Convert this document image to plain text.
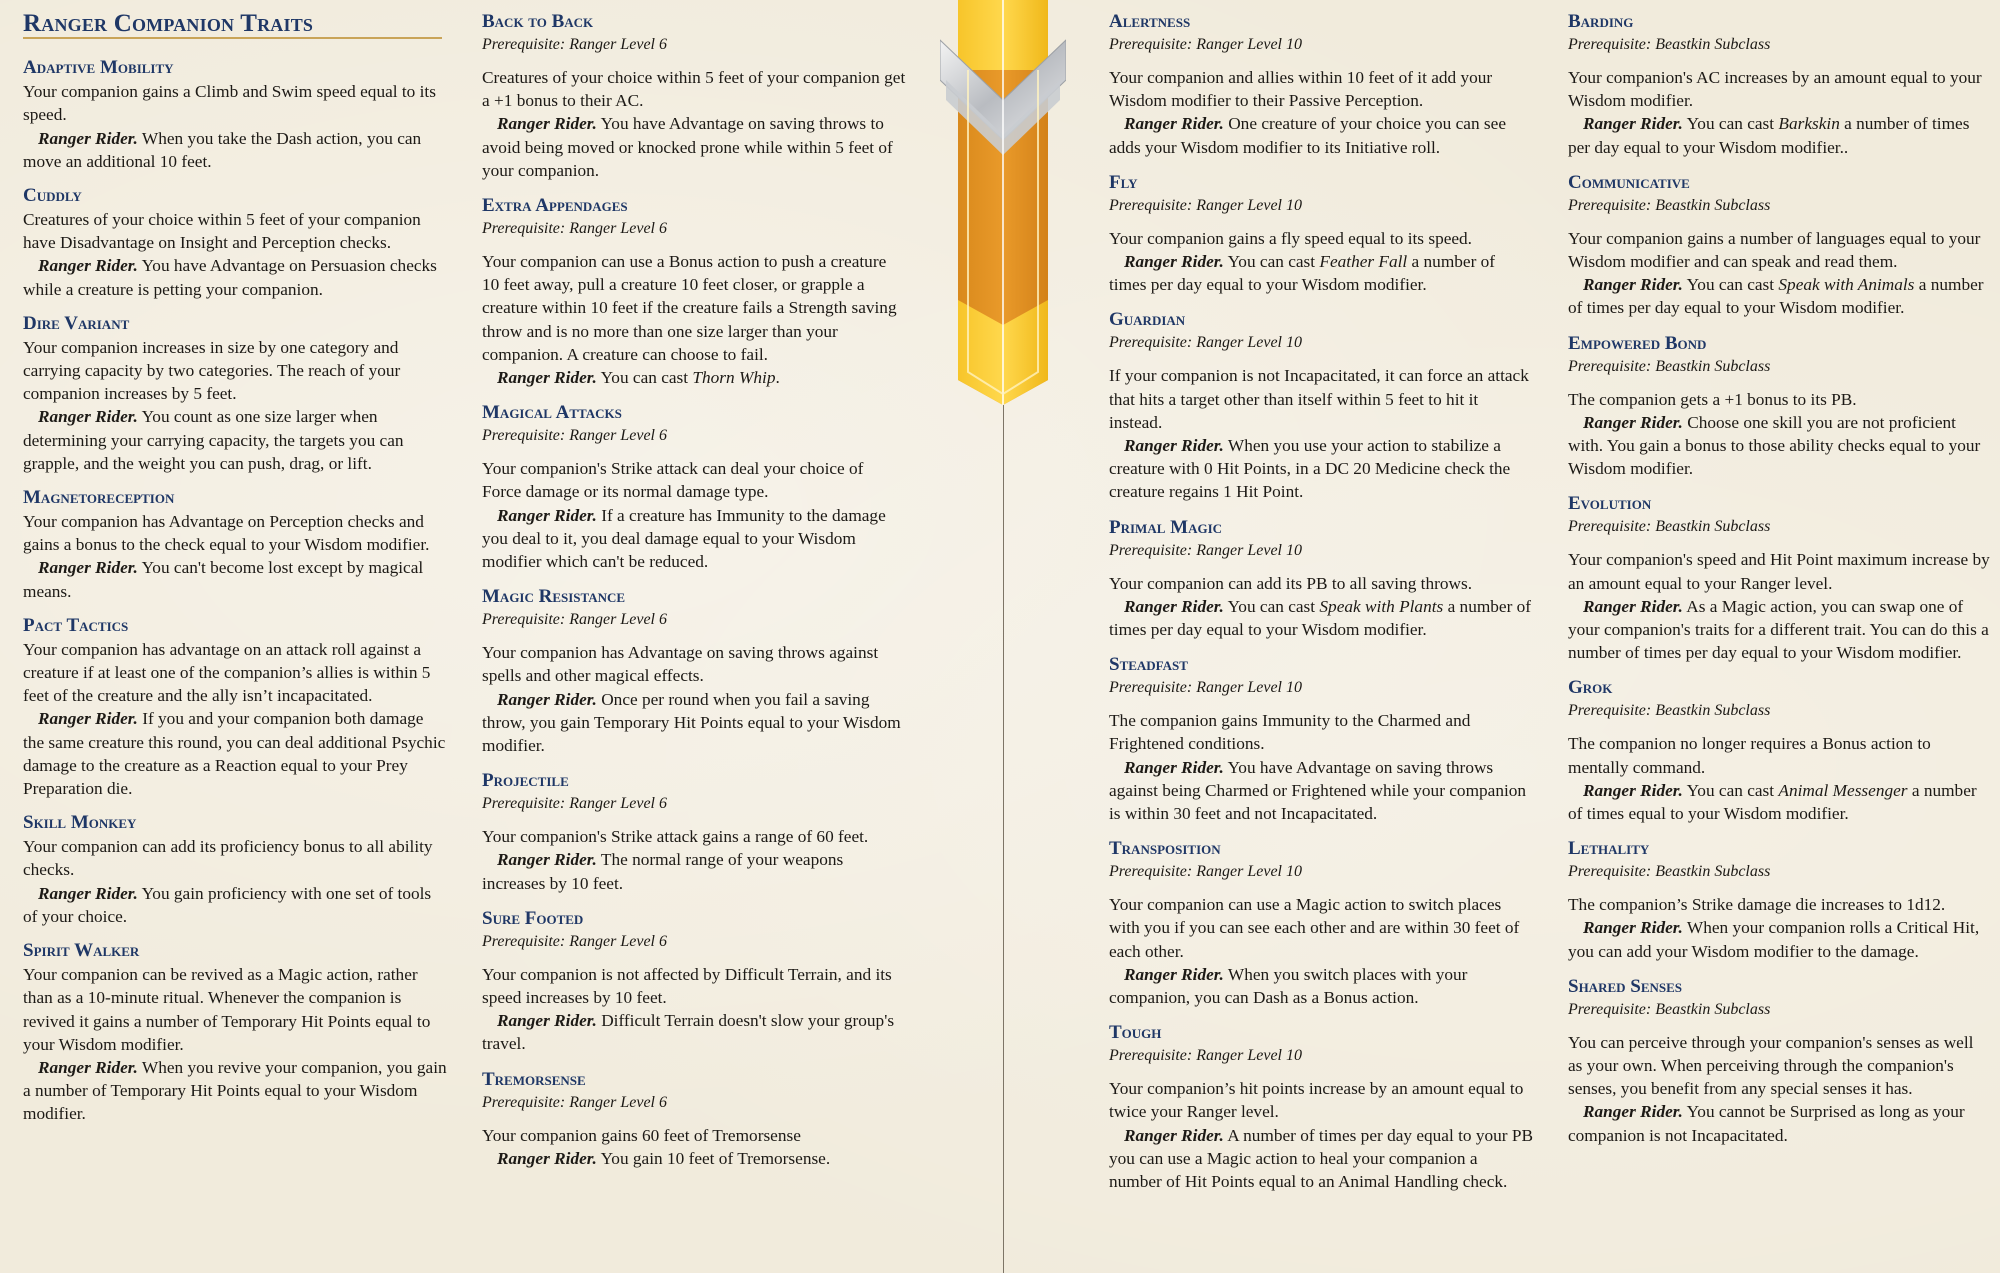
Ranger Companion Traits
Adaptive Mobility
Your companion gains a Climb and Swim speed equal to its speed.
Ranger Rider. When you take the Dash action, you can move an additional 10 feet.
Cuddly
Creatures of your choice within 5 feet of your companion have Disadvantage on Insight and Perception checks.
Ranger Rider. You have Advantage on Persuasion checks while a creature is petting your companion.
Dire Variant
Your companion increases in size by one category and carrying capacity by two categories. The reach of your companion increases by 5 feet.
Ranger Rider. You count as one size larger when determining your carrying capacity, the targets you can grapple, and the weight you can push, drag, or lift.
Magnetoreception
Your companion has Advantage on Perception checks and gains a bonus to the check equal to your Wisdom modifier.
Ranger Rider. You can't become lost except by magical means.
Pact Tactics
Your companion has advantage on an attack roll against a creature if at least one of the companion’s allies is within 5 feet of the creature and the ally isn’t incapacitated.
Ranger Rider. If you and your companion both damage the same creature this round, you can deal additional Psychic damage to the creature as a Reaction equal to your Prey Preparation die.
Skill Monkey
Your companion can add its proficiency bonus to all ability checks.
Ranger Rider. You gain proficiency with one set of tools of your choice.
Spirit Walker
Your companion can be revived as a Magic action, rather than as a 10-minute ritual. Whenever the companion is revived it gains a number of Temporary Hit Points equal to your Wisdom modifier.
Ranger Rider. When you revive your companion, you gain a number of Temporary Hit Points equal to your Wisdom modifier.
Back to Back
Prerequisite: Ranger Level 6
Creatures of your choice within 5 feet of your companion get a +1 bonus to their AC.
Ranger Rider. You have Advantage on saving throws to avoid being moved or knocked prone while within 5 feet of your companion.
Extra Appendages
Prerequisite: Ranger Level 6
Your companion can use a Bonus action to push a creature 10 feet away, pull a creature 10 feet closer, or grapple a creature within 10 feet if the creature fails a Strength saving throw and is no more than one size larger than your companion. A creature can choose to fail.
Ranger Rider. You can cast Thorn Whip.
Magical Attacks
Prerequisite: Ranger Level 6
Your companion's Strike attack can deal your choice of Force damage or its normal damage type.
Ranger Rider. If a creature has Immunity to the damage you deal to it, you deal damage equal to your Wisdom modifier which can't be reduced.
Magic Resistance
Prerequisite: Ranger Level 6
Your companion has Advantage on saving throws against spells and other magical effects.
Ranger Rider. Once per round when you fail a saving throw, you gain Temporary Hit Points equal to your Wisdom modifier.
Projectile
Prerequisite: Ranger Level 6
Your companion's Strike attack gains a range of 60 feet.
Ranger Rider. The normal range of your weapons increases by 10 feet.
Sure Footed
Prerequisite: Ranger Level 6
Your companion is not affected by Difficult Terrain, and its speed increases by 10 feet.
Ranger Rider. Difficult Terrain doesn't slow your group's travel.
Tremorsense
Prerequisite: Ranger Level 6
Your companion gains 60 feet of Tremorsense
Ranger Rider. You gain 10 feet of Tremorsense.
Alertness
Prerequisite: Ranger Level 10
Your companion and allies within 10 feet of it add your Wisdom modifier to their Passive Perception.
Ranger Rider. One creature of your choice you can see adds your Wisdom modifier to its Initiative roll.
Fly
Prerequisite: Ranger Level 10
Your companion gains a fly speed equal to its speed.
Ranger Rider. You can cast Feather Fall a number of times per day equal to your Wisdom modifier.
Guardian
Prerequisite: Ranger Level 10
If your companion is not Incapacitated, it can force an attack that hits a target other than itself within 5 feet to hit it instead.
Ranger Rider. When you use your action to stabilize a creature with 0 Hit Points, in a DC 20 Medicine check the creature regains 1 Hit Point.
Primal Magic
Prerequisite: Ranger Level 10
Your companion can add its PB to all saving throws.
Ranger Rider. You can cast Speak with Plants a number of times per day equal to your Wisdom modifier.
Steadfast
Prerequisite: Ranger Level 10
The companion gains Immunity to the Charmed and Frightened conditions.
Ranger Rider. You have Advantage on saving throws against being Charmed or Frightened while your companion is within 30 feet and not Incapacitated.
Transposition
Prerequisite: Ranger Level 10
Your companion can use a Magic action to switch places with you if you can see each other and are within 30 feet of each other.
Ranger Rider. When you switch places with your companion, you can Dash as a Bonus action.
Tough
Prerequisite: Ranger Level 10
Your companion’s hit points increase by an amount equal to twice your Ranger level.
Ranger Rider. A number of times per day equal to your PB you can use a Magic action to heal your companion a number of Hit Points equal to an Animal Handling check.
Barding
Prerequisite: Beastkin Subclass
Your companion's AC increases by an amount equal to your Wisdom modifier.
Ranger Rider. You can cast Barkskin a number of times per day equal to your Wisdom modifier..
Communicative
Prerequisite: Beastkin Subclass
Your companion gains a number of languages equal to your Wisdom modifier and can speak and read them.
Ranger Rider. You can cast Speak with Animals a number of times per day equal to your Wisdom modifier.
Empowered Bond
Prerequisite: Beastkin Subclass
The companion gets a +1 bonus to its PB.
Ranger Rider. Choose one skill you are not proficient with. You gain a bonus to those ability checks equal to your Wisdom modifier.
Evolution
Prerequisite: Beastkin Subclass
Your companion's speed and Hit Point maximum increase by an amount equal to your Ranger level.
Ranger Rider. As a Magic action, you can swap one of your companion's traits for a different trait. You can do this a number of times per day equal to your Wisdom modifier.
Grok
Prerequisite: Beastkin Subclass
The companion no longer requires a Bonus action to mentally command.
Ranger Rider. You can cast Animal Messenger a number of times equal to your Wisdom modifier.
Lethality
Prerequisite: Beastkin Subclass
The companion’s Strike damage die increases to 1d12.
Ranger Rider. When your companion rolls a Critical Hit, you can add your Wisdom modifier to the damage.
Shared Senses
Prerequisite: Beastkin Subclass
You can perceive through your companion's senses as well as your own. When perceiving through the companion's senses, you benefit from any special senses it has.
Ranger Rider. You cannot be Surprised as long as your companion is not Incapacitated.
